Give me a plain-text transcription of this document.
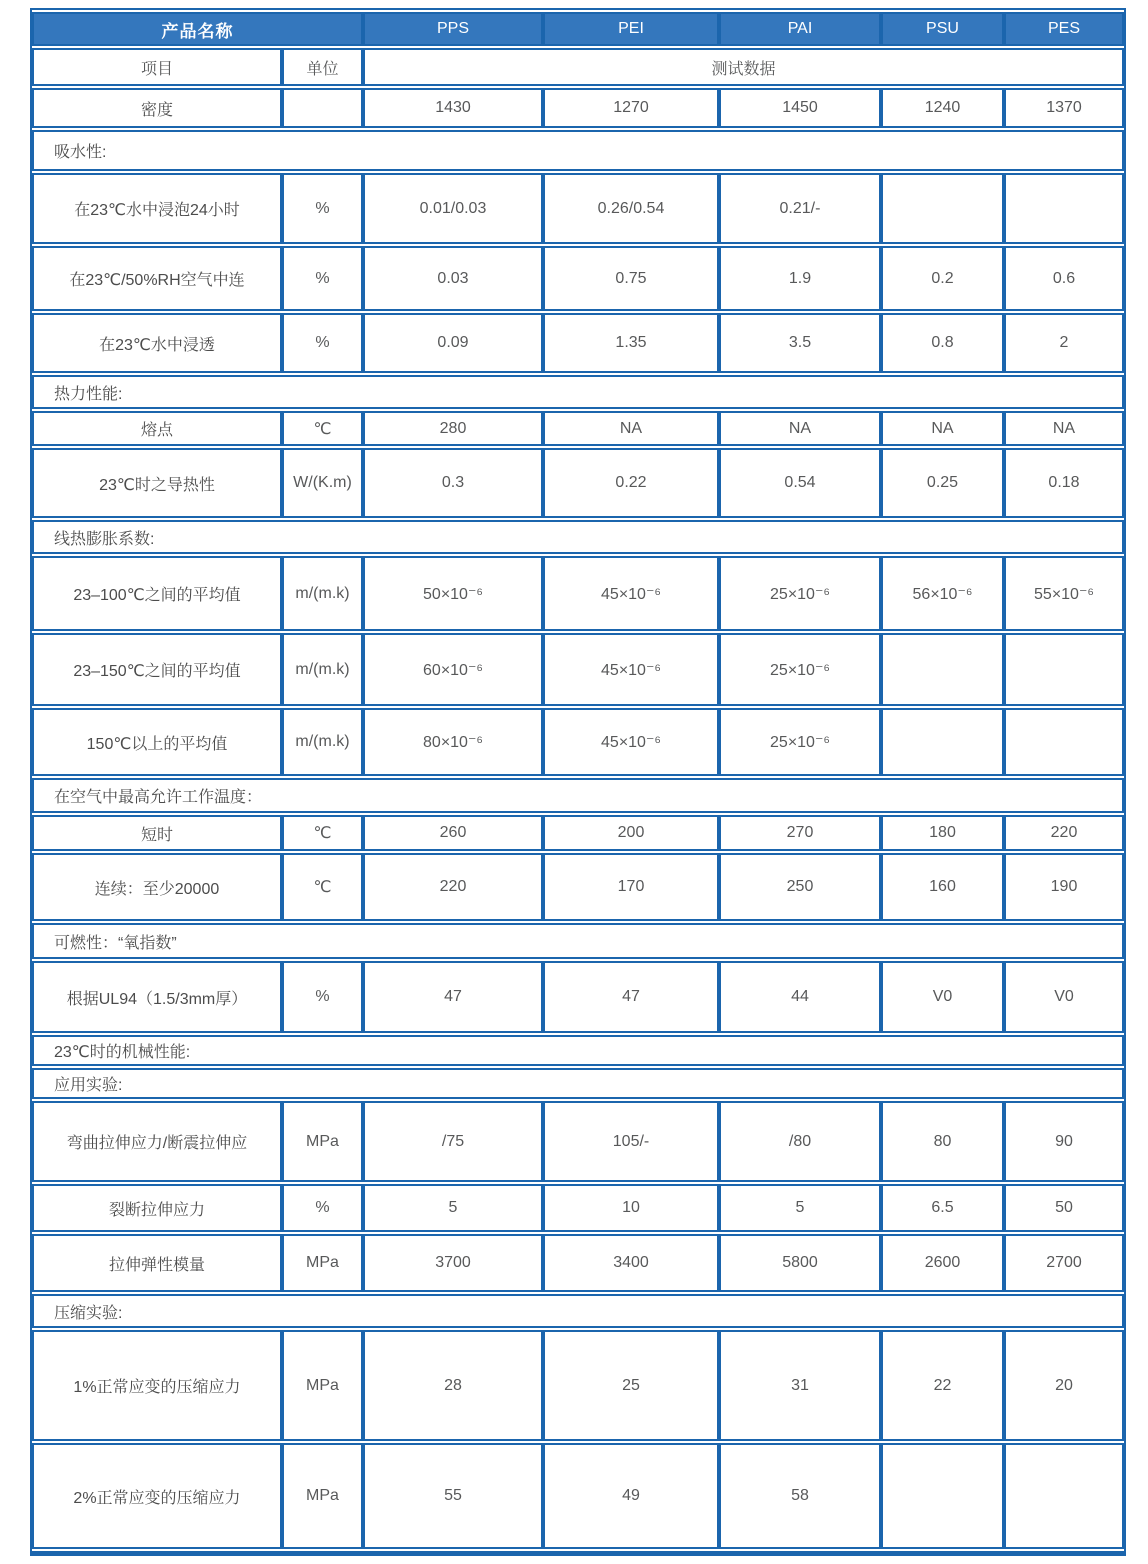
产品名称		PPS	PEI	PAI	PSU	PES
项目	单位	测试数据				
密度		1430	1270	1450	1240	1370
吸水性:						
在23℃水中浸泡24小时	%	0.01/0.03	0.26/0.54	0.21/-		
在23℃/50%RH空气中连	%	0.03	0.75	1.9	0.2	0.6
在23℃水中浸透	%	0.09	1.35	3.5	0.8	2
热力性能:						
熔点	℃	280	NA	NA	NA	NA
23℃时之导热性	W/(K.m)	0.3	0.22	0.54	0.25	0.18
线热膨胀系数:						
23–100℃之间的平均值	m/(m.k)	50×10⁻⁶	45×10⁻⁶	25×10⁻⁶	56×10⁻⁶	55×10⁻⁶
23–150℃之间的平均值	m/(m.k)	60×10⁻⁶	45×10⁻⁶	25×10⁻⁶		
150℃以上的平均值	m/(m.k)	80×10⁻⁶	45×10⁻⁶	25×10⁻⁶		
在空气中最高允许工作温度：						
短时	℃	260	200	270	180	220
连续：至少20000	℃	220	170	250	160	190
可燃性：“氧指数”						
根据UL94（1.5/3mm厚）	%	47	47	44	V0	V0
23℃时的机械性能:						
应用实验:						
弯曲拉伸应力/断震拉伸应	MPa	/75	105/-	/80	80	90
裂断拉伸应力	%	5	10	5	6.5	50
拉伸弹性模量	MPa	3700	3400	5800	2600	2700
压缩实验:						
1%正常应变的压缩应力	MPa	28	25	31	22	20
2%正常应变的压缩应力	MPa	55	49	58		
